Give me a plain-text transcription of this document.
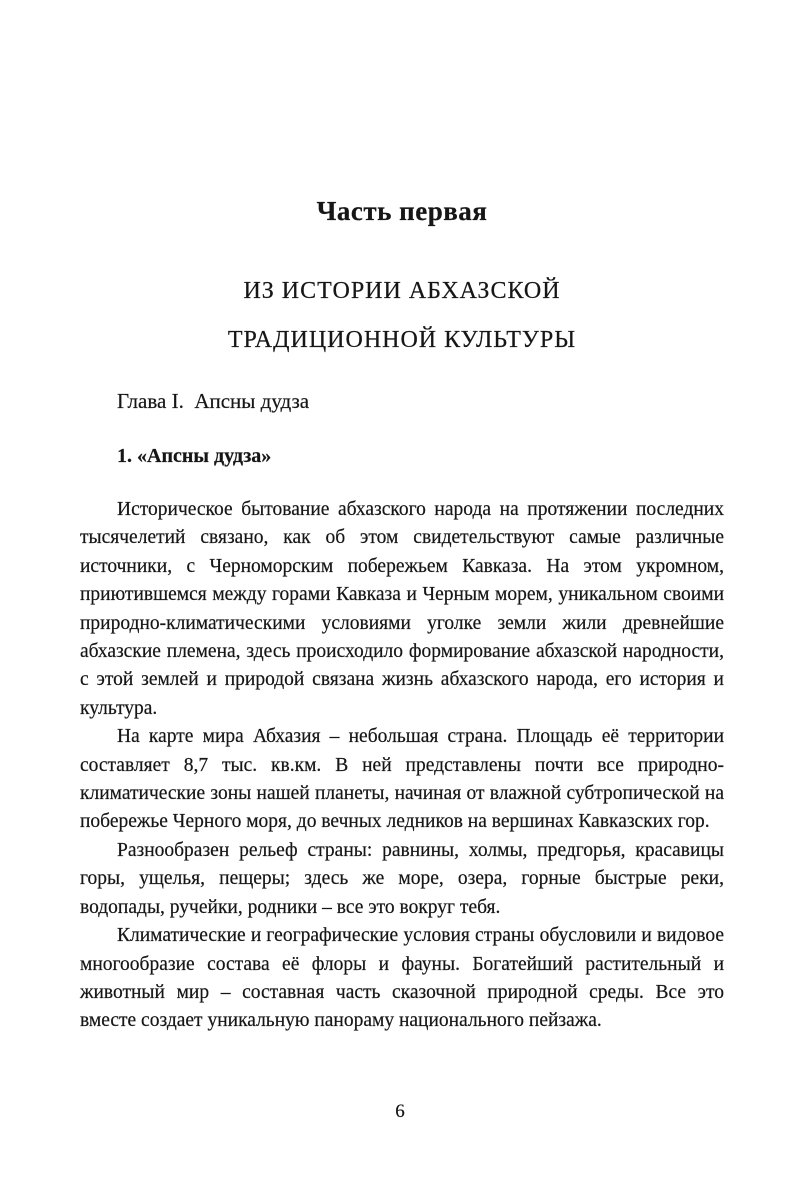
Часть первая
ИЗ ИСТОРИИ АБХАЗСКОЙ
ТРАДИЦИОННОЙ КУЛЬТУРЫ
Глава I.  Апсны дудза
1. «Апсны дудза»

Историческое бытование абхазского народа на протяжении последних тысячелетий связано, как об этом свидетельствуют самые различные источники, с Черноморским побережьем Кавказа. На этом укромном, приютившемся между горами Кавказа и Черным морем, уникальном своими природно-климатическими условиями уголке земли жили древнейшие абхазские племена, здесь происходило формирование абхазской народности, с этой землей и природой связана жизнь абхазского народа, его история и культура.

На карте мира Абхазия – небольшая страна. Площадь её территории составляет 8,7 тыс. кв.км. В ней представлены почти все природно-климатические зоны нашей планеты, начиная от влажной субтропической на побережье Черного моря, до вечных ледников на вершинах Кавказских гор.

Разнообразен рельеф страны: равнины, холмы, предгорья, красавицы горы, ущелья, пещеры; здесь же море, озера, горные быстрые реки, водопады, ручейки, родники – все это вокруг тебя.

Климатические и географические условия страны обусловили и видовое многообразие состава её флоры и фауны. Богатейший растительный и животный мир – составная часть сказочной природной среды. Все это вместе создает уникальную панораму национального пейзажа.

6
